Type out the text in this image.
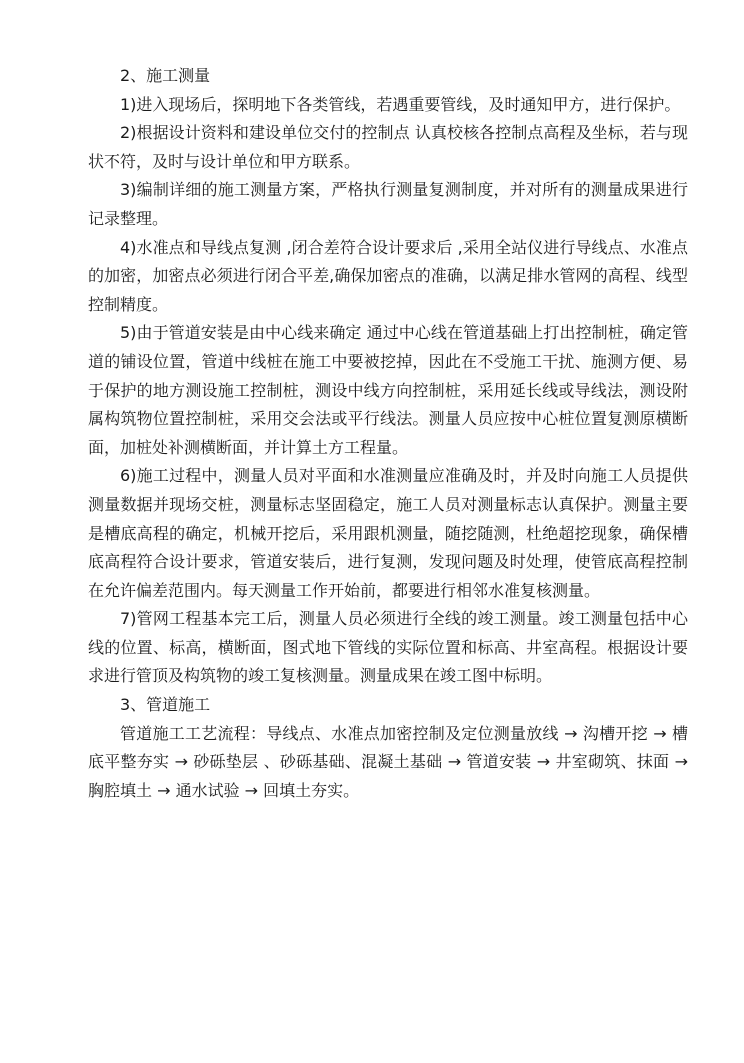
2、施工测量

1)进入现场后，探明地下各类管线，若遇重要管线，及时通知甲方，进行保护。

2)根据设计资料和建设单位交付的控制点 认真校核各控制点高程及坐标，若与现状不符，及时与设计单位和甲方联系。

3)编制详细的施工测量方案，严格执行测量复测制度，并对所有的测量成果进行记录整理。

4)水准点和导线点复测 ,闭合差符合设计要求后 ,采用全站仪进行导线点、水准点的加密，加密点必须进行闭合平差,确保加密点的准确，以满足排水管网的高程、线型控制精度。

5)由于管道安装是由中心线来确定 通过中心线在管道基础上打出控制桩，确定管道的铺设位置，管道中线桩在施工中要被挖掉，因此在不受施工干扰、施测方便、易于保护的地方测设施工控制桩，测设中线方向控制桩，采用延长线或导线法，测设附属构筑物位置控制桩，采用交会法或平行线法。测量人员应按中心桩位置复测原横断面，加桩处补测横断面，并计算土方工程量。

6)施工过程中，测量人员对平面和水准测量应准确及时，并及时向施工人员提供测量数据并现场交桩，测量标志坚固稳定，施工人员对测量标志认真保护。测量主要是槽底高程的确定，机械开挖后，采用跟机测量，随挖随测，杜绝超挖现象，确保槽底高程符合设计要求，管道安装后，进行复测，发现问题及时处理，使管底高程控制在允许偏差范围内。每天测量工作开始前，都要进行相邻水准复核测量。

7)管网工程基本完工后，测量人员必须进行全线的竣工测量。竣工测量包括中心线的位置、标高，横断面，图式地下管线的实际位置和标高、井室高程。根据设计要求进行管顶及构筑物的竣工复核测量。测量成果在竣工图中标明。

3、管道施工

管道施工工艺流程：导线点、水准点加密控制及定位测量放线 → 沟槽开挖 → 槽底平整夯实 → 砂砾垫层 、砂砾基础、混凝土基础 → 管道安装 → 井室砌筑、抹面 → 胸腔填土 → 通水试验 → 回填土夯实。
